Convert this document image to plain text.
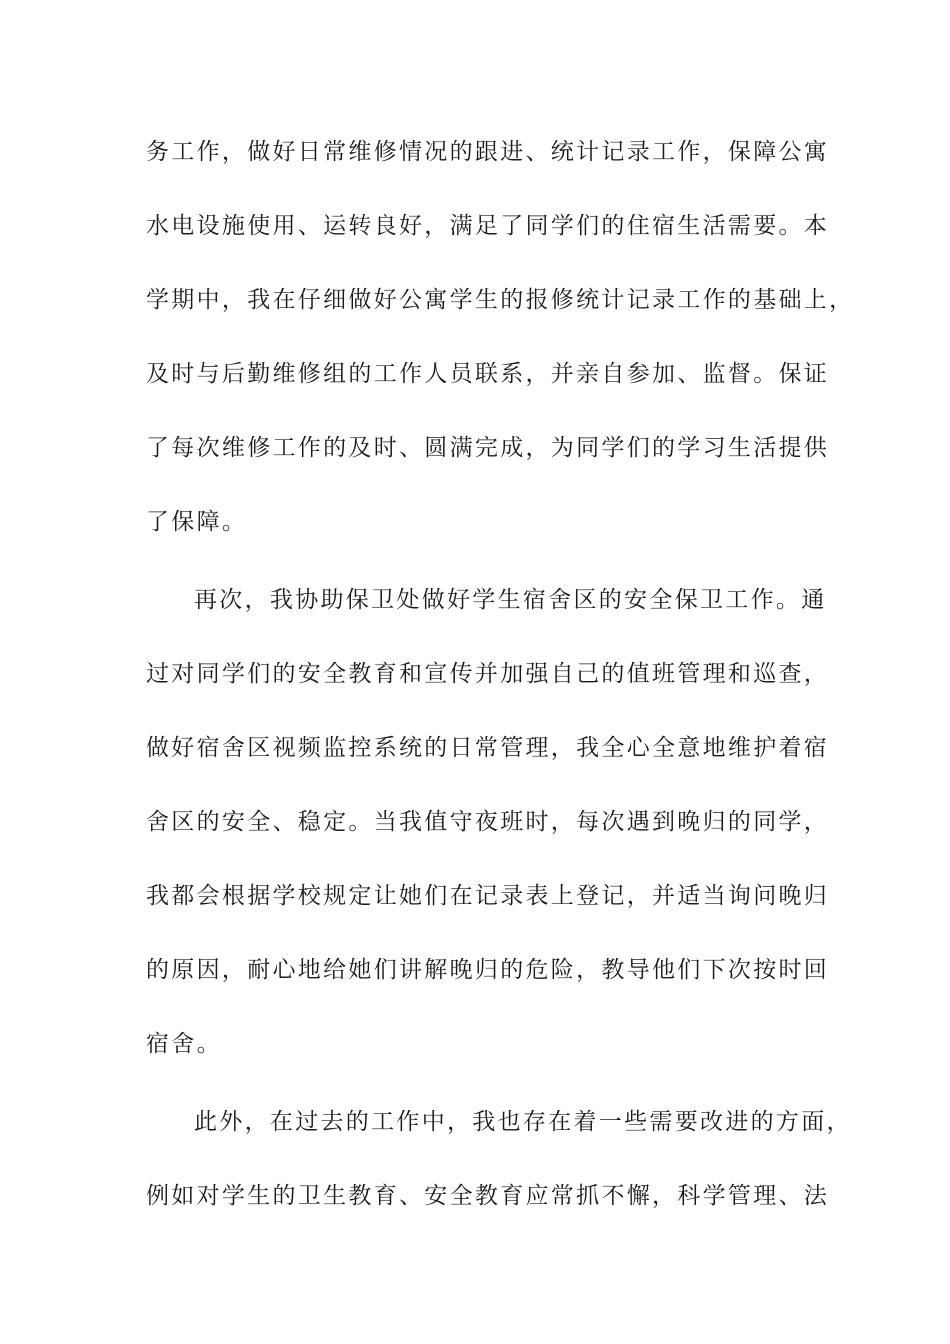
务工作，做好日常维修情况的跟进、统计记录工作，保障公寓
水电设施使用、运转良好，满足了同学们的住宿生活需要。本
学期中，我在仔细做好公寓学生的报修统计记录工作的基础上，
及时与后勤维修组的工作人员联系，并亲自参加、监督。保证
了每次维修工作的及时、圆满完成，为同学们的学习生活提供
了保障。
再次，我协助保卫处做好学生宿舍区的安全保卫工作。通
过对同学们的安全教育和宣传并加强自己的值班管理和巡查，
做好宿舍区视频监控系统的日常管理，我全心全意地维护着宿
舍区的安全、稳定。当我值守夜班时，每次遇到晚归的同学，
我都会根据学校规定让她们在记录表上登记，并适当询问晚归
的原因，耐心地给她们讲解晚归的危险，教导他们下次按时回
宿舍。
此外，在过去的工作中，我也存在着一些需要改进的方面，
例如对学生的卫生教育、安全教育应常抓不懈，科学管理、法
